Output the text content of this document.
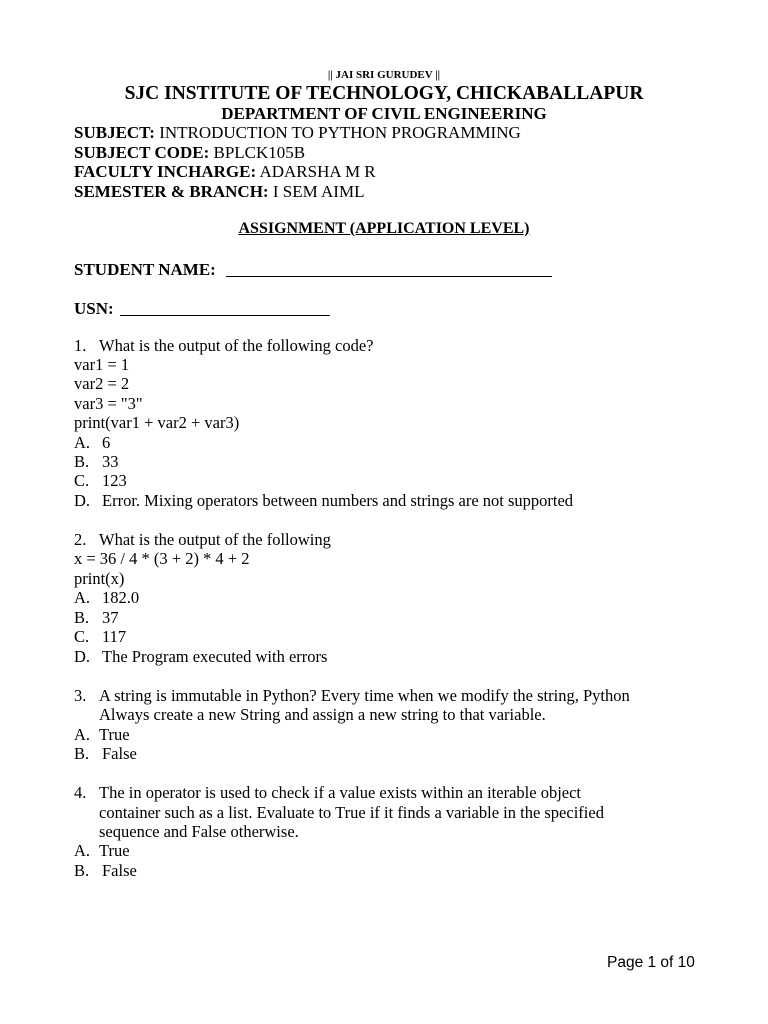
|| JAI SRI GURUDEV ||
SJC INSTITUTE OF TECHNOLOGY, CHICKABALLAPUR
DEPARTMENT OF CIVIL ENGINEERING
SUBJECT: INTRODUCTION TO PYTHON PROGRAMMING
SUBJECT CODE: BPLCK105B
FACULTY INCHARGE: ADARSHA M R
SEMESTER & BRANCH: I SEM AIML
ASSIGNMENT (APPLICATION LEVEL)
STUDENT NAME:
USN:
1. What is the output of the following code?
var1 = 1
var2 = 2
var3 = "3"
print(var1 + var2 + var3)
A. 6
B. 33
C. 123
D. Error. Mixing operators between numbers and strings are not supported
2. What is the output of the following
x = 36 / 4 * (3 + 2) * 4 + 2
print(x)
A. 182.0
B. 37
C. 117
D. The Program executed with errors
3. A string is immutable in Python? Every time when we modify the string, Python
Always create a new String and assign a new string to that variable.
A. True
B. False
4. The in operator is used to check if a value exists within an iterable object
container such as a list. Evaluate to True if it finds a variable in the specified
sequence and False otherwise.
A. True
B. False
Page 1 of 10
